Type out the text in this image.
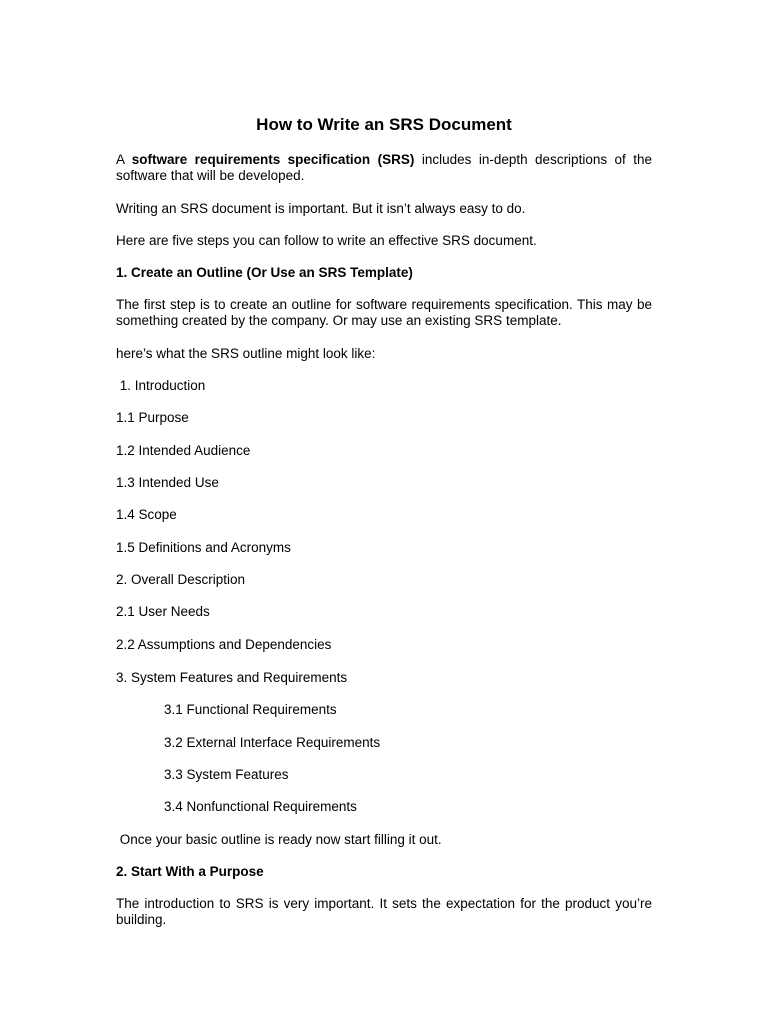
How to Write an SRS Document
A software requirements specification (SRS) includes in-depth descriptions of the software that will be developed.
Writing an SRS document is important. But it isn’t always easy to do.
Here are five steps you can follow to write an effective SRS document.
1. Create an Outline (Or Use an SRS Template)
The first step is to create an outline for software requirements specification. This may be something created by the company. Or may use an existing SRS template.
here’s what the SRS outline might look like:
1. Introduction
1.1 Purpose
1.2 Intended Audience
1.3 Intended Use
1.4 Scope
1.5 Definitions and Acronyms
2. Overall Description
2.1 User Needs
2.2 Assumptions and Dependencies
3. System Features and Requirements
3.1 Functional Requirements
3.2 External Interface Requirements
3.3 System Features
3.4 Nonfunctional Requirements
Once your basic outline is ready now start filling it out.
2. Start With a Purpose
The introduction to SRS is very important. It sets the expectation for the product you’re building.
